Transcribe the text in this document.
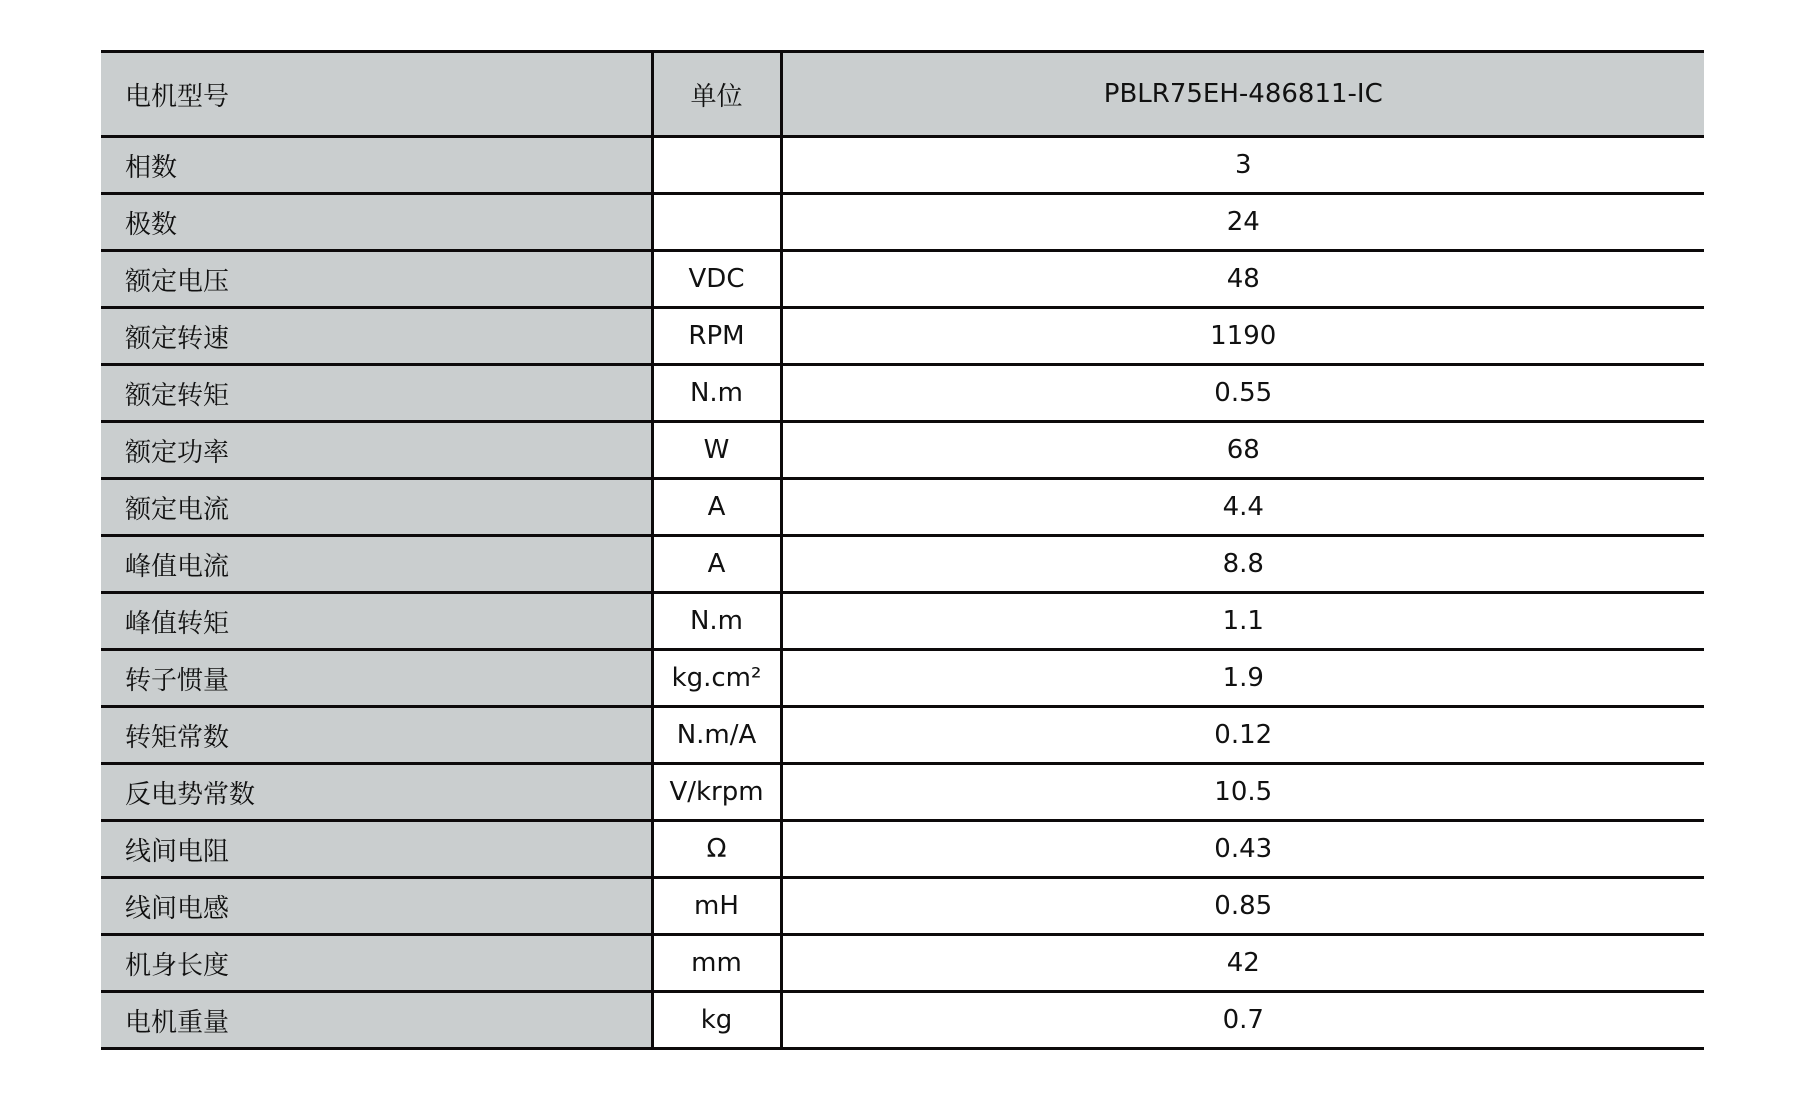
电机型号	单位	PBLR75EH-486811-IC
相数		3
极数		24
额定电压	VDC	48
额定转速	RPM	1190
额定转矩	N.m	0.55
额定功率	W	68
额定电流	A	4.4
峰值电流	A	8.8
峰值转矩	N.m	1.1
转子惯量	kg.cm²	1.9
转矩常数	N.m/A	0.12
反电势常数	V/krpm	10.5
线间电阻	Ω	0.43
线间电感	mH	0.85
机身长度	mm	42
电机重量	kg	0.7
